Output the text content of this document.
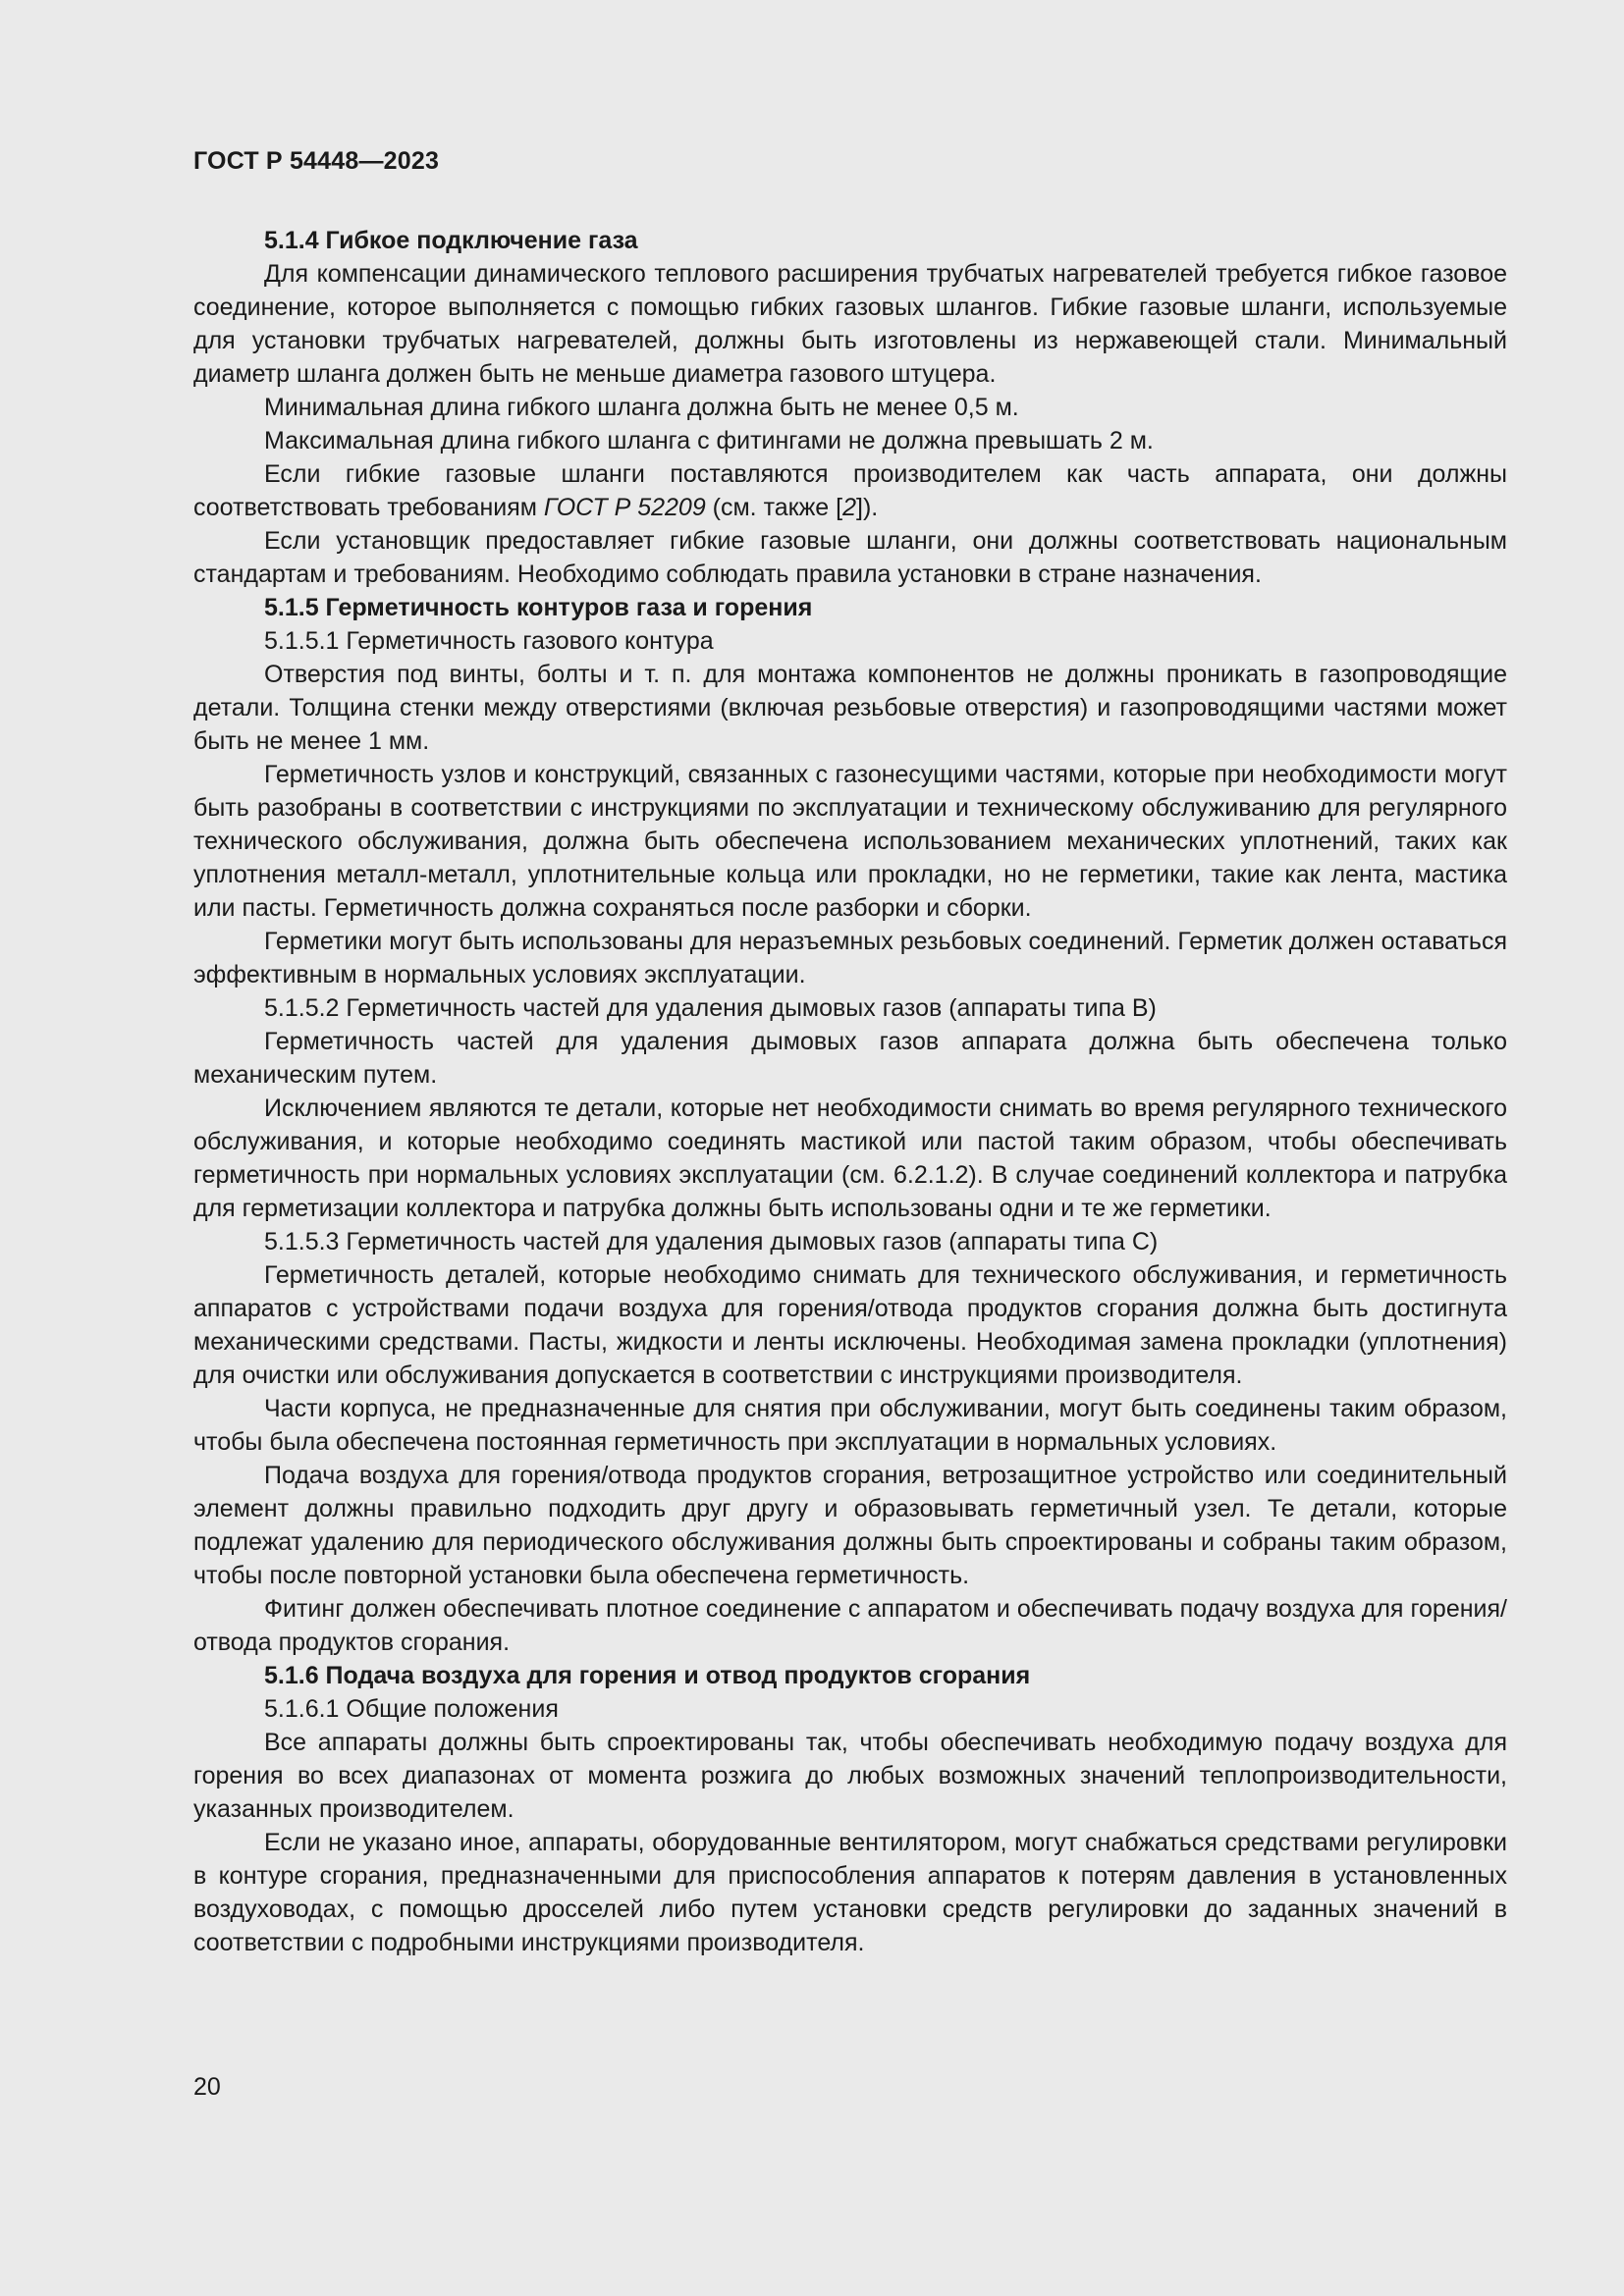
ГОСТ Р 54448—2023
5.1.4 Гибкое подключение газа

Для компенсации динамического теплового расширения трубчатых нагревателей требуется гибкое газовое соединение, которое выполняется с помощью гибких газовых шлангов. Гибкие газовые шланги, используемые для установки трубчатых нагревателей, должны быть изготовлены из нержавеющей стали. Минимальный диаметр шланга должен быть не меньше диаметра газового штуцера.

Минимальная длина гибкого шланга должна быть не менее 0,5 м.

Максимальная длина гибкого шланга с фитингами не должна превышать 2 м.

Если гибкие газовые шланги поставляются производителем как часть аппарата, они должны соответствовать требованиям ГОСТ Р 52209 (см. также [2]).

Если установщик предоставляет гибкие газовые шланги, они должны соответствовать национальным стандартам и требованиям. Необходимо соблюдать правила установки в стране назначения.

5.1.5 Герметичность контуров газа и горения
5.1.5.1 Герметичность газового контура

Отверстия под винты, болты и т. п. для монтажа компонентов не должны проникать в газопроводящие детали. Толщина стенки между отверстиями (включая резьбовые отверстия) и газопроводящими частями может быть не менее 1 мм.

Герметичность узлов и конструкций, связанных с газонесущими частями, которые при необходимости могут быть разобраны в соответствии с инструкциями по эксплуатации и техническому обслуживанию для регулярного технического обслуживания, должна быть обеспечена использованием механических уплотнений, таких как уплотнения металл-металл, уплотнительные кольца или прокладки, но не герметики, такие как лента, мастика или пасты. Герметичность должна сохраняться после разборки и сборки.

Герметики могут быть использованы для неразъемных резьбовых соединений. Герметик должен оставаться эффективным в нормальных условиях эксплуатации.

5.1.5.2 Герметичность частей для удаления дымовых газов (аппараты типа В)

Герметичность частей для удаления дымовых газов аппарата должна быть обеспечена только механическим путем.

Исключением являются те детали, которые нет необходимости снимать во время регулярного технического обслуживания, и которые необходимо соединять мастикой или пастой таким образом, чтобы обеспечивать герметичность при нормальных условиях эксплуатации (см. 6.2.1.2). В случае соединений коллектора и патрубка для герметизации коллектора и патрубка должны быть использованы одни и те же герметики.

5.1.5.3 Герметичность частей для удаления дымовых газов (аппараты типа С)

Герметичность деталей, которые необходимо снимать для технического обслуживания, и герметичность аппаратов с устройствами подачи воздуха для горения/отвода продуктов сгорания должна быть достигнута механическими средствами. Пасты, жидкости и ленты исключены. Необходимая замена прокладки (уплотнения) для очистки или обслуживания допускается в соответствии с инструкциями производителя.

Части корпуса, не предназначенные для снятия при обслуживании, могут быть соединены таким образом, чтобы была обеспечена постоянная герметичность при эксплуатации в нормальных условиях.

Подача воздуха для горения/отвода продуктов сгорания, ветрозащитное устройство или соединительный элемент должны правильно подходить друг другу и образовывать герметичный узел. Те детали, которые подлежат удалению для периодического обслуживания должны быть спроектированы и собраны таким образом, чтобы после повторной установки была обеспечена герметичность.

Фитинг должен обеспечивать плотное соединение с аппаратом и обеспечивать подачу воздуха для горения/отвода продуктов сгорания.

5.1.6 Подача воздуха для горения и отвод продуктов сгорания
5.1.6.1 Общие положения

Все аппараты должны быть спроектированы так, чтобы обеспечивать необходимую подачу воздуха для горения во всех диапазонах от момента розжига до любых возможных значений теплопроизводительности, указанных производителем.

Если не указано иное, аппараты, оборудованные вентилятором, могут снабжаться средствами регулировки в контуре сгорания, предназначенными для приспособления аппаратов к потерям давления в установленных воздуховодах, с помощью дросселей либо путем установки средств регулировки до заданных значений в соответствии с подробными инструкциями производителя.

20
